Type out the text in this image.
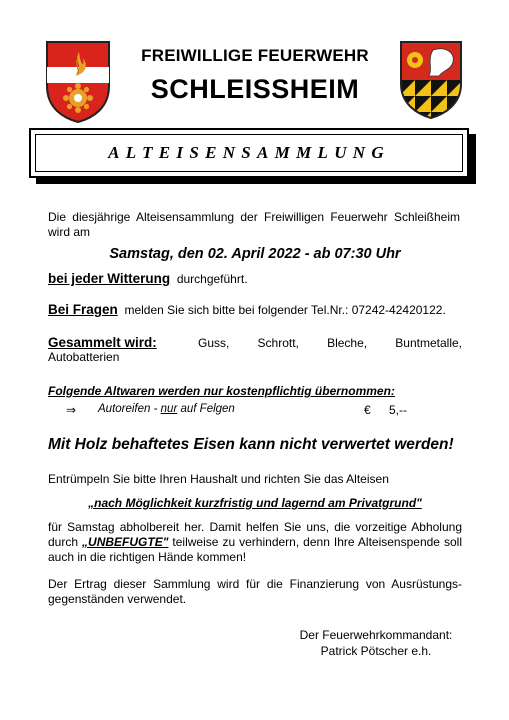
FREIWILLIGE FEUERWEHR
SCHLEISSHEIM
ALTEISENSAMMLUNG
Die diesjährige Alteisensammlung der Freiwilligen Feuerwehr Schleißheim wird am
Samstag, den 02. April 2022 - ab 07:30 Uhr
bei jeder Witterung durchgeführt.
Bei Fragen melden Sie sich bitte bei folgender Tel.Nr.: 07242-42420122.
Gesammelt wird:	Guss, Schrott, Bleche, Buntmetalle,
Autobatterien
Folgende Altwaren werden nur kostenpflichtig übernommen:
⇒ Autoreifen - nur auf Felgen	€ 5,--
Mit Holz behaftetes Eisen kann nicht verwertet werden!
Entrümpeln Sie bitte Ihren Haushalt und richten Sie das Alteisen
„nach Möglichkeit kurzfristig und lagernd am Privatgrund"
für Samstag abholbereit her. Damit helfen Sie uns, die vorzeitige Abholung durch „UNBEFUGTE" teilweise zu verhindern, denn Ihre Alteisenspende soll auch in die richtigen Hände kommen!
Der Ertrag dieser Sammlung wird für die Finanzierung von Ausrüstungs-gegenständen verwendet.
Der Feuerwehrkommandant:
Patrick Pötscher e.h.
